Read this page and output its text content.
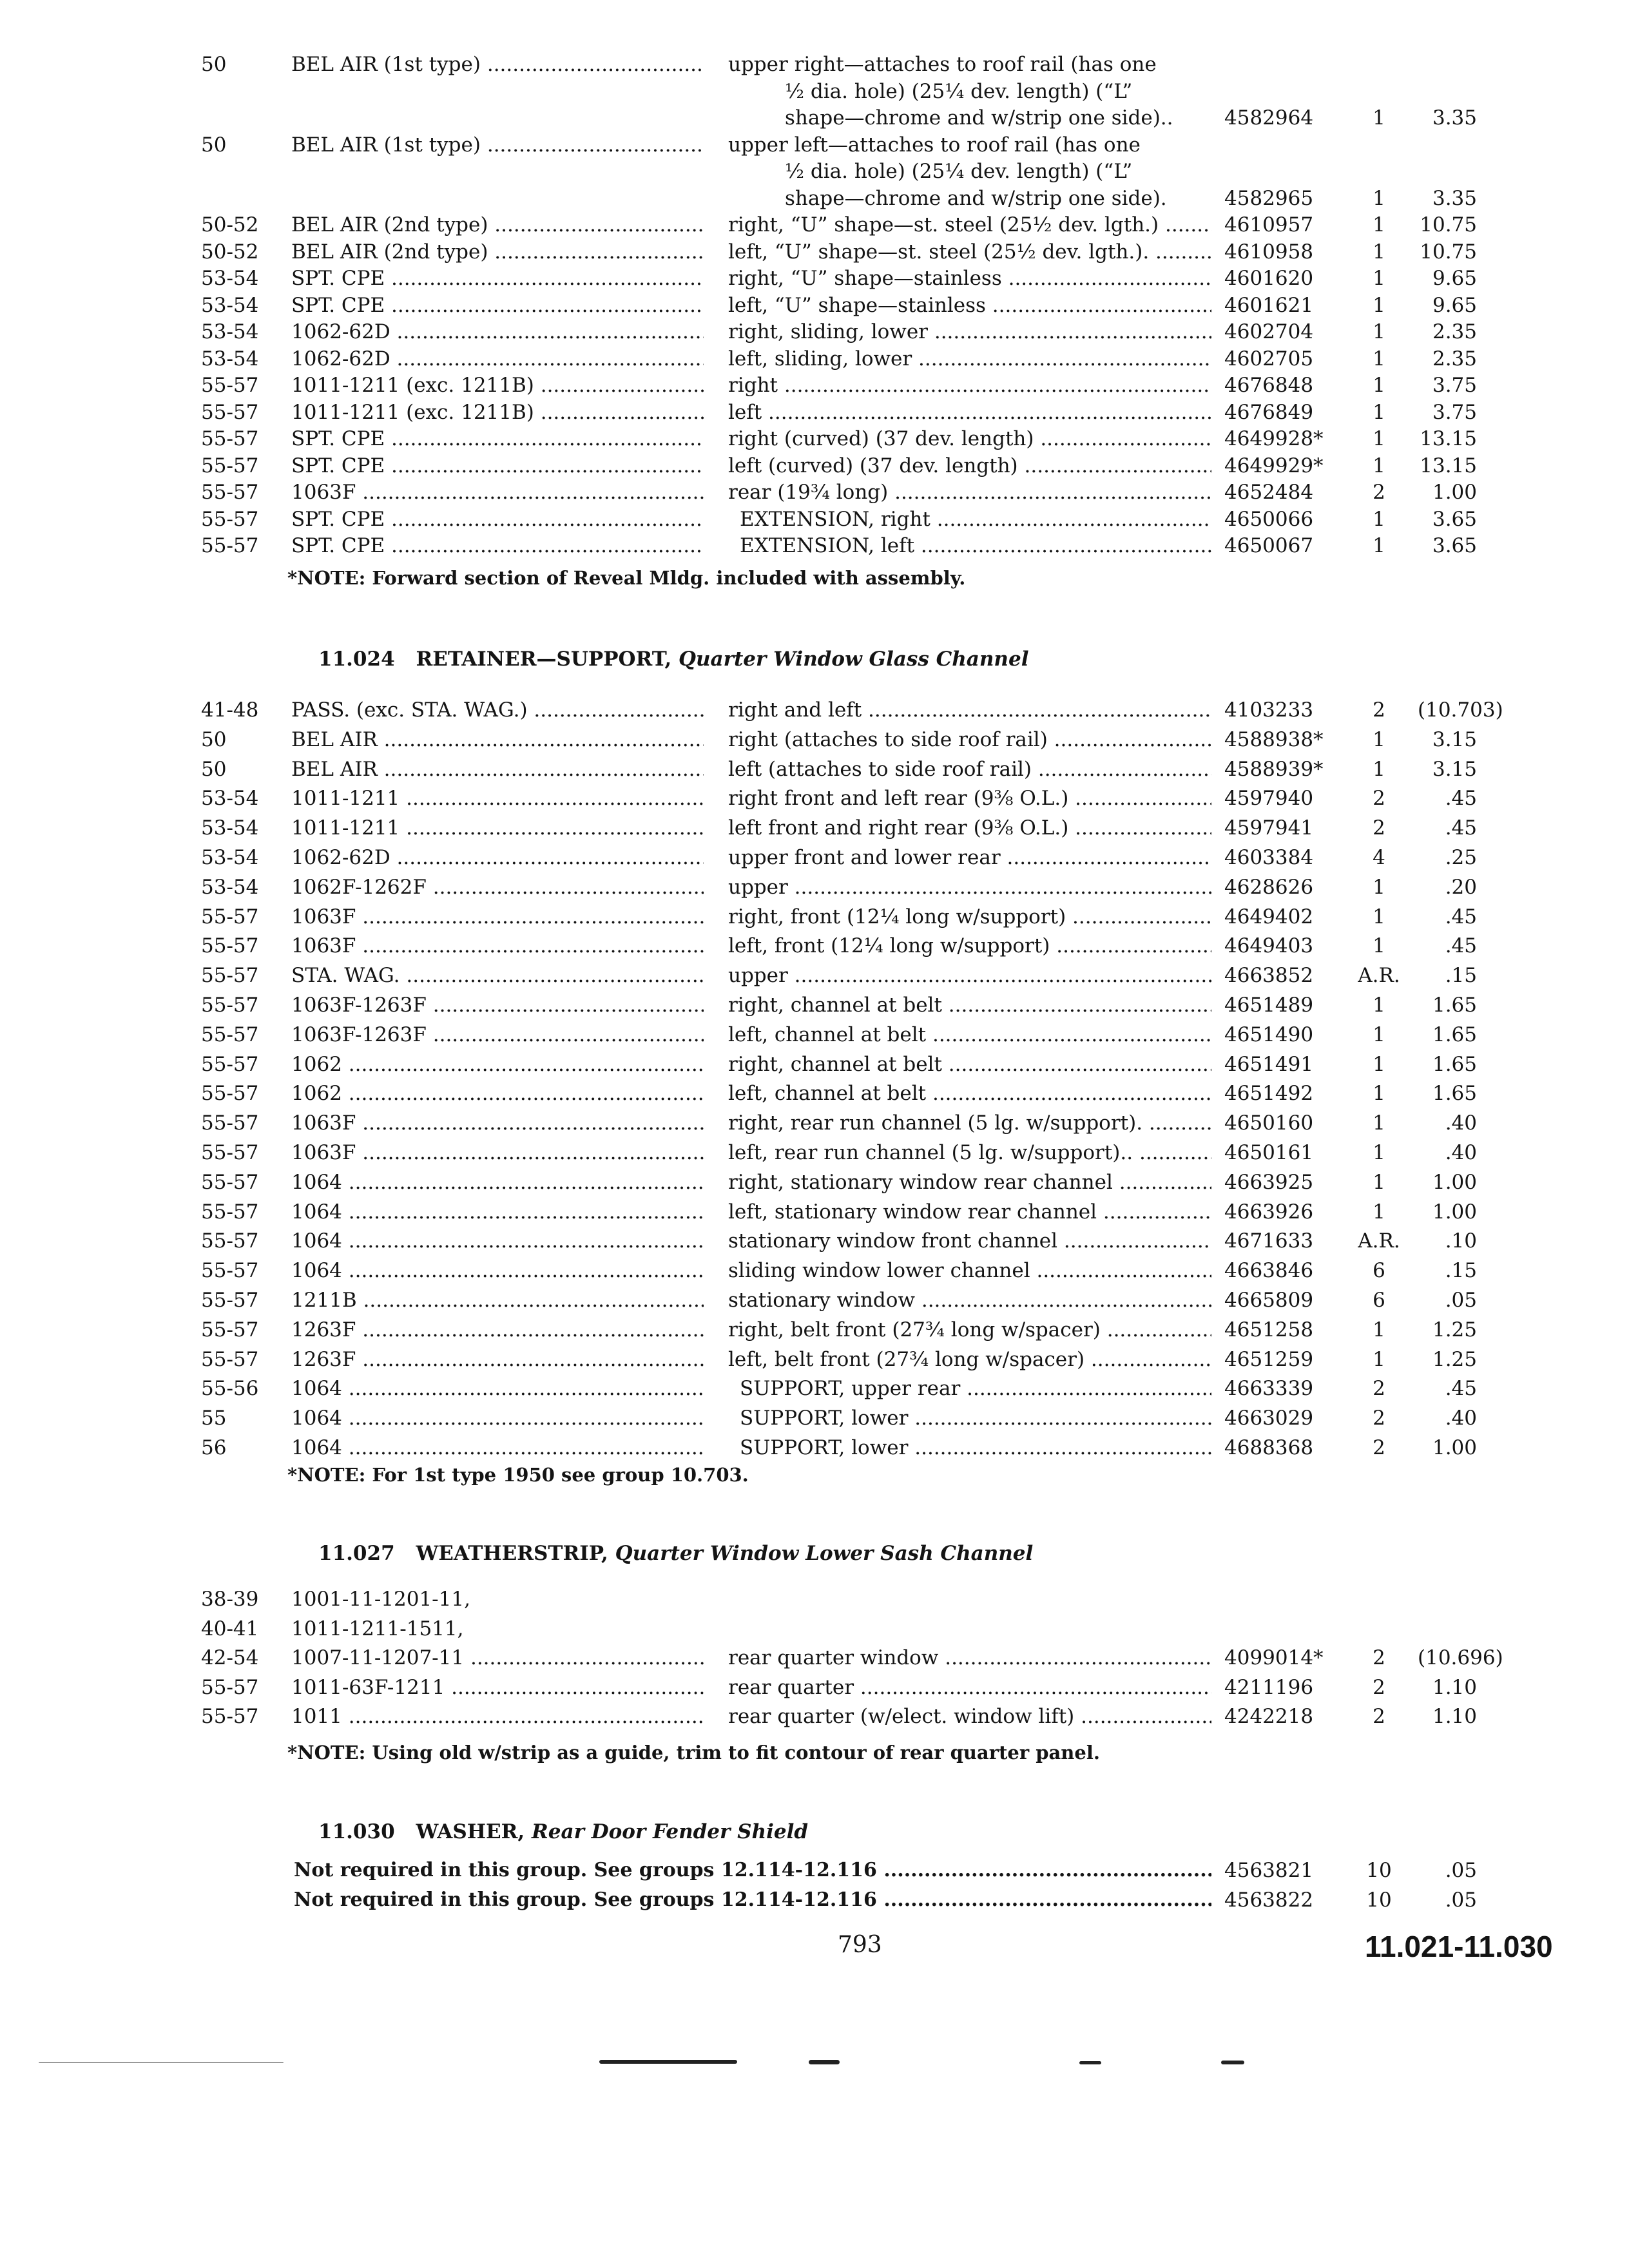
50	BEL AIR (1st type) .....	upper right—attaches to roof rail (has one
½ dia. hole) (25¼ dev. length) (“L”
shape—chrome and w/strip one side)..	4582964	1	3.35
50	BEL AIR (1st type) .....	upper left—attaches to roof rail (has one
½ dia. hole) (25¼ dev. length) (“L”
shape—chrome and w/strip one side).	4582965	1	3.35
50-52	BEL AIR (2nd type) .....	right, “U” shape—st. steel (25½ dev. lgth.) .....	4610957	1	10.75
50-52	BEL AIR (2nd type) .....	left, “U” shape—st. steel (25½ dev. lgth.). .....	4610958	1	10.75
53-54	SPT. CPE .....	right, “U” shape—stainless .....	4601620	1	9.65
53-54	SPT. CPE .....	left, “U” shape—stainless .....	4601621	1	9.65
53-54	1062-62D .....	right, sliding, lower .....	4602704	1	2.35
53-54	1062-62D .....	left, sliding, lower .....	4602705	1	2.35
55-57	1011-1211 (exc. 1211B) .....	right .....	4676848	1	3.75
55-57	1011-1211 (exc. 1211B) .....	left .....	4676849	1	3.75
55-57	SPT. CPE .....	right (curved) (37 dev. length) .....	4649928*	1	13.15
55-57	SPT. CPE .....	left (curved) (37 dev. length) .....	4649929*	1	13.15
55-57	1063F .....	rear (19¾ long) .....	4652484	2	1.00
55-57	SPT. CPE .....	EXTENSION, right .....	4650066	1	3.65
55-57	SPT. CPE .....	EXTENSION, left .....	4650067	1	3.65
*NOTE: Forward section of Reveal Mldg. included with assembly.
11.024 RETAINER—SUPPORT, Quarter Window Glass Channel
41-48	PASS. (exc. STA. WAG.) .....	right and left .....	4103233	2	(10.703)
50	BEL AIR .....	right (attaches to side roof rail) .....	4588938*	1	3.15
50	BEL AIR .....	left (attaches to side roof rail) .....	4588939*	1	3.15
53-54	1011-1211 .....	right front and left rear (9⅜ O.L.) .....	4597940	2	.45
53-54	1011-1211 .....	left front and right rear (9⅜ O.L.) .....	4597941	2	.45
53-54	1062-62D .....	upper front and lower rear .....	4603384	4	.25
53-54	1062F-1262F .....	upper .....	4628626	1	.20
55-57	1063F .....	right, front (12¼ long w/support) .....	4649402	1	.45
55-57	1063F .....	left, front (12¼ long w/support) .....	4649403	1	.45
55-57	STA. WAG. .....	upper .....	4663852	A.R.	.15
55-57	1063F-1263F .....	right, channel at belt .....	4651489	1	1.65
55-57	1063F-1263F .....	left, channel at belt .....	4651490	1	1.65
55-57	1062 .....	right, channel at belt .....	4651491	1	1.65
55-57	1062 .....	left, channel at belt .....	4651492	1	1.65
55-57	1063F .....	right, rear run channel (5 lg. w/support). .....	4650160	1	.40
55-57	1063F .....	left, rear run channel (5 lg. w/support).. .....	4650161	1	.40
55-57	1064 .....	right, stationary window rear channel .....	4663925	1	1.00
55-57	1064 .....	left, stationary window rear channel .....	4663926	1	1.00
55-57	1064 .....	stationary window front channel .....	4671633	A.R.	.10
55-57	1064 .....	sliding window lower channel .....	4663846	6	.15
55-57	1211B .....	stationary window .....	4665809	6	.05
55-57	1263F .....	right, belt front (27¾ long w/spacer) .....	4651258	1	1.25
55-57	1263F .....	left, belt front (27¾ long w/spacer) .....	4651259	1	1.25
55-56	1064 .....	SUPPORT, upper rear .....	4663339	2	.45
55	1064 .....	SUPPORT, lower .....	4663029	2	.40
56	1064 .....	SUPPORT, lower .....	4688368	2	1.00
*NOTE: For 1st type 1950 see group 10.703.
11.027 WEATHERSTRIP, Quarter Window Lower Sash Channel
38-39	1001-11-1201-11,
40-41	1011-1211-1511,
42-54	1007-11-1207-11 .....	rear quarter window .....	4099014*	2	(10.696)
55-57	1011-63F-1211 .....	rear quarter .....	4211196	2	1.10
55-57	1011 .....	rear quarter (w/elect. window lift) .....	4242218	2	1.10
*NOTE: Using old w/strip as a guide, trim to fit contour of rear quarter panel.
11.030 WASHER, Rear Door Fender Shield
Not required in this group. See groups 12.114-12.116 .....	4563821	10	.05
Not required in this group. See groups 12.114-12.116 .....	4563822	10	.05
793	11.021-11.030
